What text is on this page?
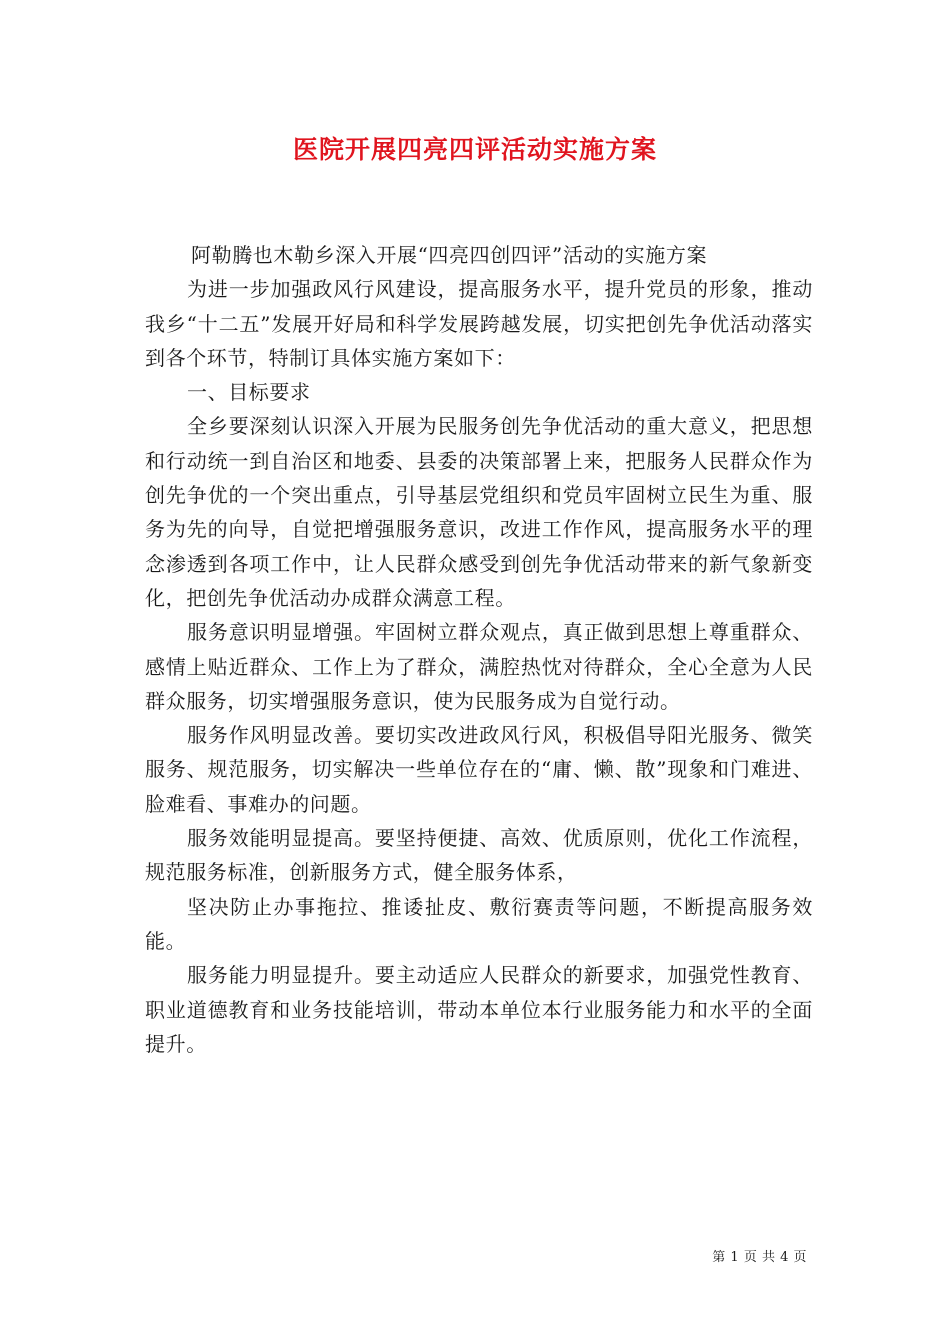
医院开展四亮四评活动实施方案

阿勒腾也木勒乡深入开展“四亮四创四评”活动的实施方案

为进一步加强政风行风建设，提高服务水平，提升党员的形象，推动我乡“十二五”发展开好局和科学发展跨越发展，切实把创先争优活动落实到各个环节，特制订具体实施方案如下：

一、目标要求

全乡要深刻认识深入开展为民服务创先争优活动的重大意义，把思想和行动统一到自治区和地委、县委的决策部署上来，把服务人民群众作为创先争优的一个突出重点，引导基层党组织和党员牢固树立民生为重、服务为先的向导，自觉把增强服务意识，改进工作作风，提高服务水平的理念渗透到各项工作中，让人民群众感受到创先争优活动带来的新气象新变化，把创先争优活动办成群众满意工程。

服务意识明显增强。牢固树立群众观点，真正做到思想上尊重群众、感情上贴近群众、工作上为了群众，满腔热忱对待群众，全心全意为人民群众服务，切实增强服务意识，使为民服务成为自觉行动。

服务作风明显改善。要切实改进政风行风，积极倡导阳光服务、微笑服务、规范服务，切实解决一些单位存在的“庸、懒、散”现象和门难进、脸难看、事难办的问题。

服务效能明显提高。要坚持便捷、高效、优质原则，优化工作流程，规范服务标准，创新服务方式，健全服务体系，

坚决防止办事拖拉、推诿扯皮、敷衍赛责等问题，不断提高服务效能。

服务能力明显提升。要主动适应人民群众的新要求，加强党性教育、职业道德教育和业务技能培训，带动本单位本行业服务能力和水平的全面提升。

第 1 页 共 4 页
